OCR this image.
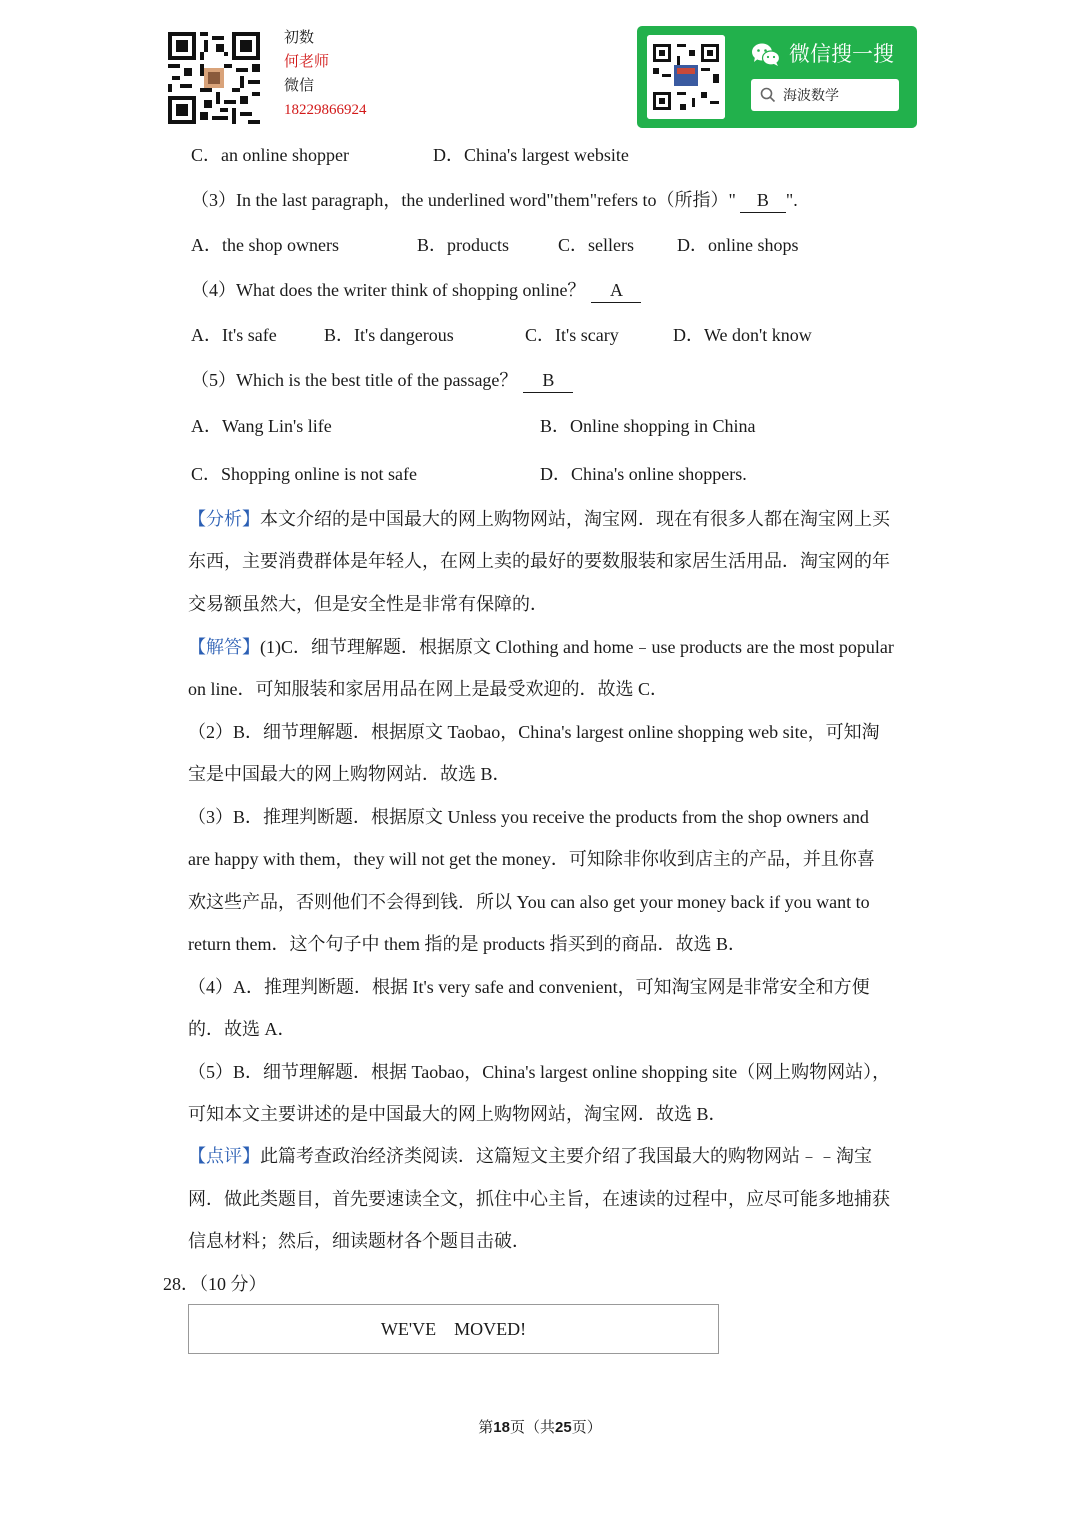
初数
何老师
微信
18229866924
微信搜一搜
海波数学
C．an online shopper	D．China's largest website
（3）In the last paragraph，the underlined word"them"refers to（所指）" B ".
A．the shop owners	B．products	C．sellers D．online shops
（4）What does the writer think of shopping online？ A
A．It's safe	B．It's dangerous	C．It's scary	D．We don't know
（5）Which is the best title of the passage？ B
A．Wang Lin's life	B．Online shopping in China
C．Shopping online is not safe	D．China's online shoppers.
【分析】本文介绍的是中国最大的网上购物网站，淘宝网．现在有很多人都在淘宝网上买
东西，主要消费群体是年轻人，在网上卖的最好的要数服装和家居生活用品．淘宝网的年
交易额虽然大，但是安全性是非常有保障的．
【解答】(1)C．细节理解题．根据原文 Clothing and home﹣use products are the most popular
on line．可知服装和家居用品在网上是最受欢迎的．故选 C．
（2）B．细节理解题．根据原文 Taobao，China's largest online shopping web site，可知淘
宝是中国最大的网上购物网站．故选 B．
（3）B．推理判断题．根据原文 Unless you receive the products from the shop owners and
are happy with them，they will not get the money．可知除非你收到店主的产品，并且你喜
欢这些产品，否则他们不会得到钱．所以 You can also get your money back if you want to
return them．这个句子中 them 指的是 products 指买到的商品．故选 B．
（4）A．推理判断题．根据 It's very safe and convenient，可知淘宝网是非常安全和方便
的．故选 A．
（5）B．细节理解题．根据 Taobao，China's largest online shopping site（网上购物网站），
可知本文主要讲述的是中国最大的网上购物网站，淘宝网．故选 B．
【点评】此篇考查政治经济类阅读．这篇短文主要介绍了我国最大的购物网站﹣﹣淘宝
网．做此类题目，首先要速读全文，抓住中心主旨，在速读的过程中，应尽可能多地捕获
信息材料；然后，细读题材各个题目击破．
28．（10 分）
WE'VE　MOVED!
第18页（共25页）
